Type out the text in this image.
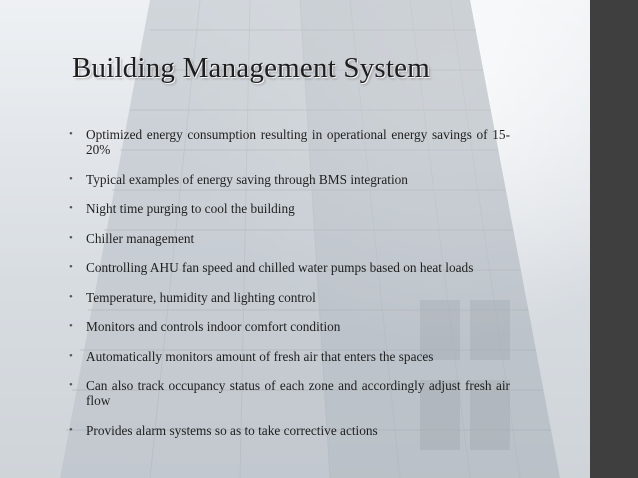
Building Management System
• Optimized energy consumption resulting in operational energy savings of 15-20%
• Typical examples of energy saving through BMS integration
• Night time purging to cool the building
• Chiller management
• Controlling AHU fan speed and chilled water pumps based on heat loads
• Temperature, humidity and lighting control
• Monitors and controls indoor comfort condition
• Automatically monitors amount of fresh air that enters the spaces
• Can also track occupancy status of each zone and accordingly adjust fresh air flow
• Provides alarm systems so as to take corrective actions
